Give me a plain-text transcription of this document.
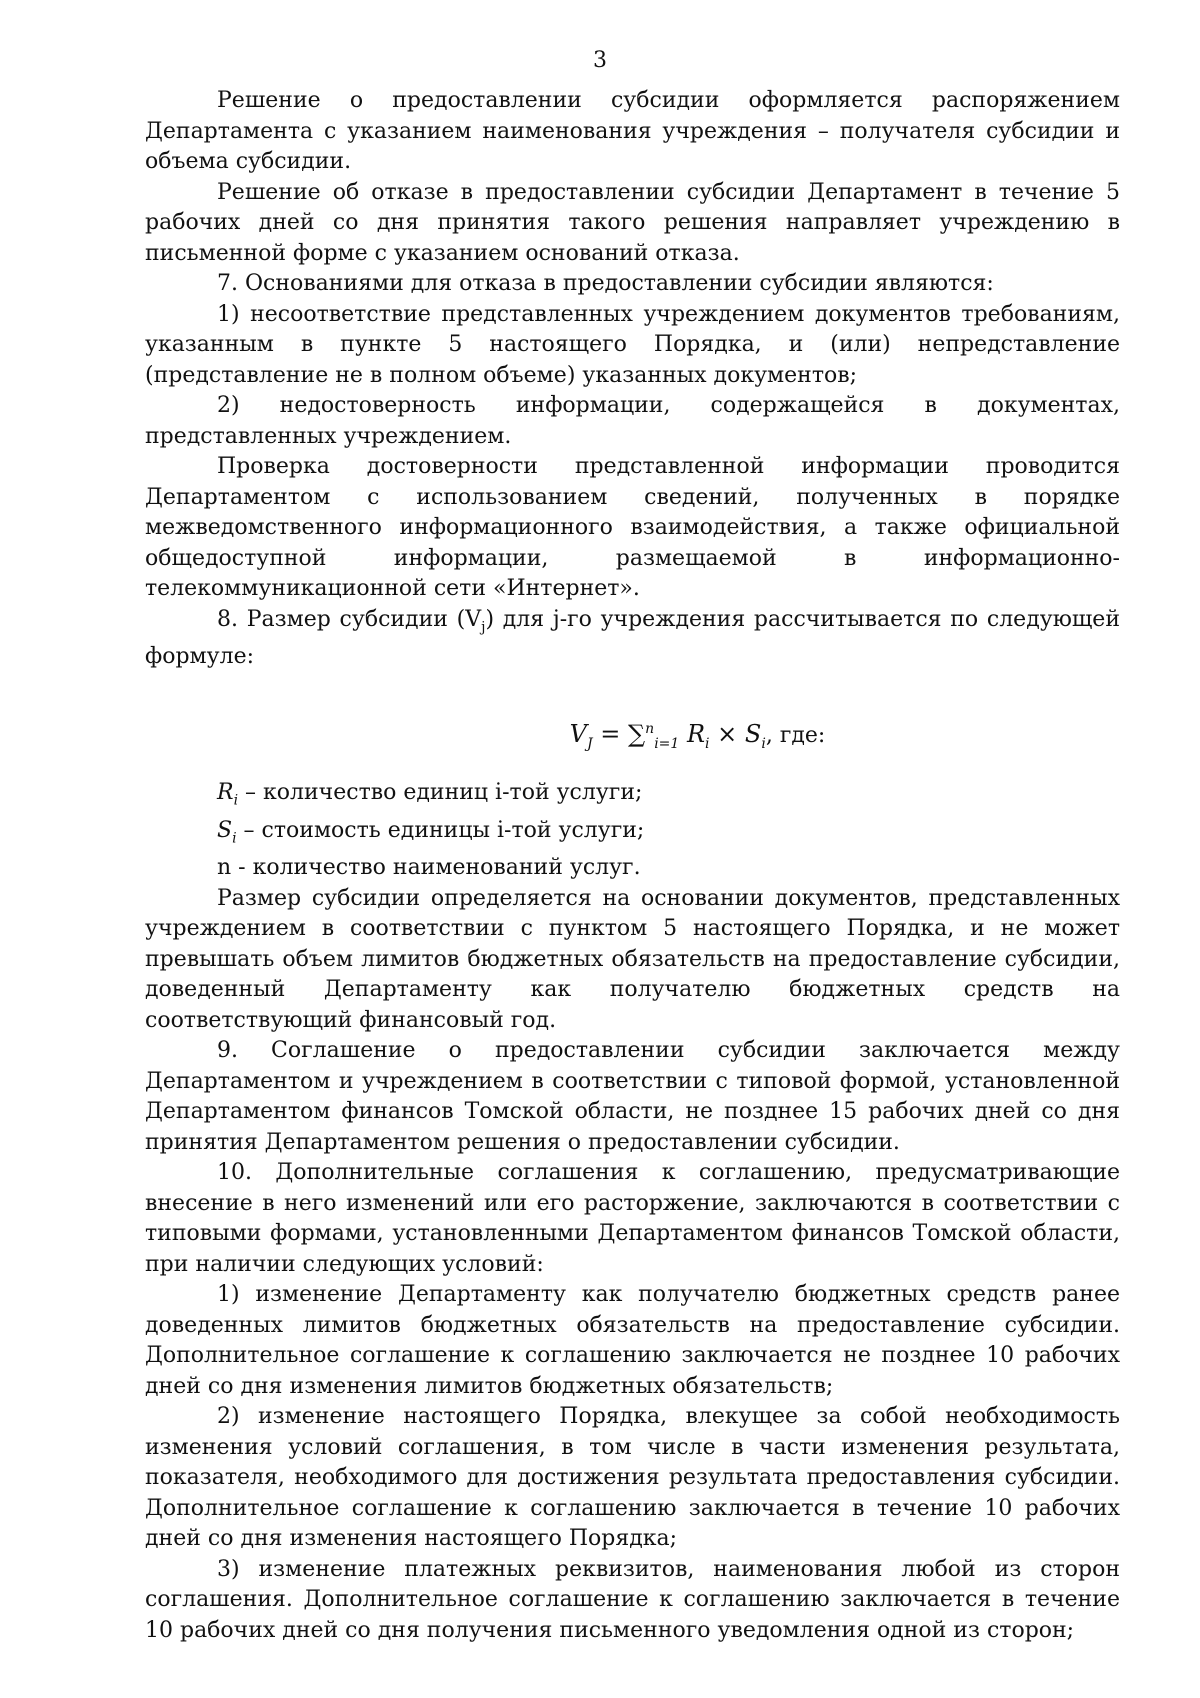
3

Решение о предоставлении субсидии оформляется распоряжением Департамента с указанием наименования учреждения – получателя субсидии и объема субсидии.

Решение об отказе в предоставлении субсидии Департамент в течение 5 рабочих дней со дня принятия такого решения направляет учреждению в письменной форме с указанием оснований отказа.

7. Основаниями для отказа в предоставлении субсидии являются:

1) несоответствие представленных учреждением документов требованиям, указанным в пункте 5 настоящего Порядка, и (или) непредставление (представление не в полном объеме) указанных документов;

2) недостоверность информации, содержащейся в документах, представленных учреждением.

Проверка достоверности представленной информации проводится Департаментом с использованием сведений, полученных в порядке межведомственного информационного взаимодействия, а также официальной общедоступной информации, размещаемой в информационно-телекоммуникационной сети «Интернет».

8. Размер субсидии $(V_j)$ для j-го учреждения рассчитывается по следующей формуле:

$V_J = \sum^n_{i=1}$ $R_i \times S_i$, где:

$R_i$ – количество единиц i-той услуги;

$S_i$ – стоимость единицы i-той услуги;

n - количество наименований услуг.

Размер субсидии определяется на основании документов, представленных учреждением в соответствии с пунктом 5 настоящего Порядка, и не может превышать объем лимитов бюджетных обязательств на предоставление субсидии, доведенный Департаменту как получателю бюджетных средств на соответствующий финансовый год.

9. Соглашение о предоставлении субсидии заключается между Департаментом и учреждением в соответствии с типовой формой, установленной Департаментом финансов Томской области, не позднее 15 рабочих дней со дня принятия Департаментом решения о предоставлении субсидии.

10. Дополнительные соглашения к соглашению, предусматривающие внесение в него изменений или его расторжение, заключаются в соответствии с типовыми формами, установленными Департаментом финансов Томской области, при наличии следующих условий:

1) изменение Департаменту как получателю бюджетных средств ранее доведенных лимитов бюджетных обязательств на предоставление субсидии. Дополнительное соглашение к соглашению заключается не позднее 10 рабочих дней со дня изменения лимитов бюджетных обязательств;

2) изменение настоящего Порядка, влекущее за собой необходимость изменения условий соглашения, в том числе в части изменения результата, показателя, необходимого для достижения результата предоставления субсидии. Дополнительное соглашение к соглашению заключается в течение 10 рабочих дней со дня изменения настоящего Порядка;

3) изменение платежных реквизитов, наименования любой из сторон соглашения. Дополнительное соглашение к соглашению заключается в течение 10 рабочих дней со дня получения письменного уведомления одной из сторон;
